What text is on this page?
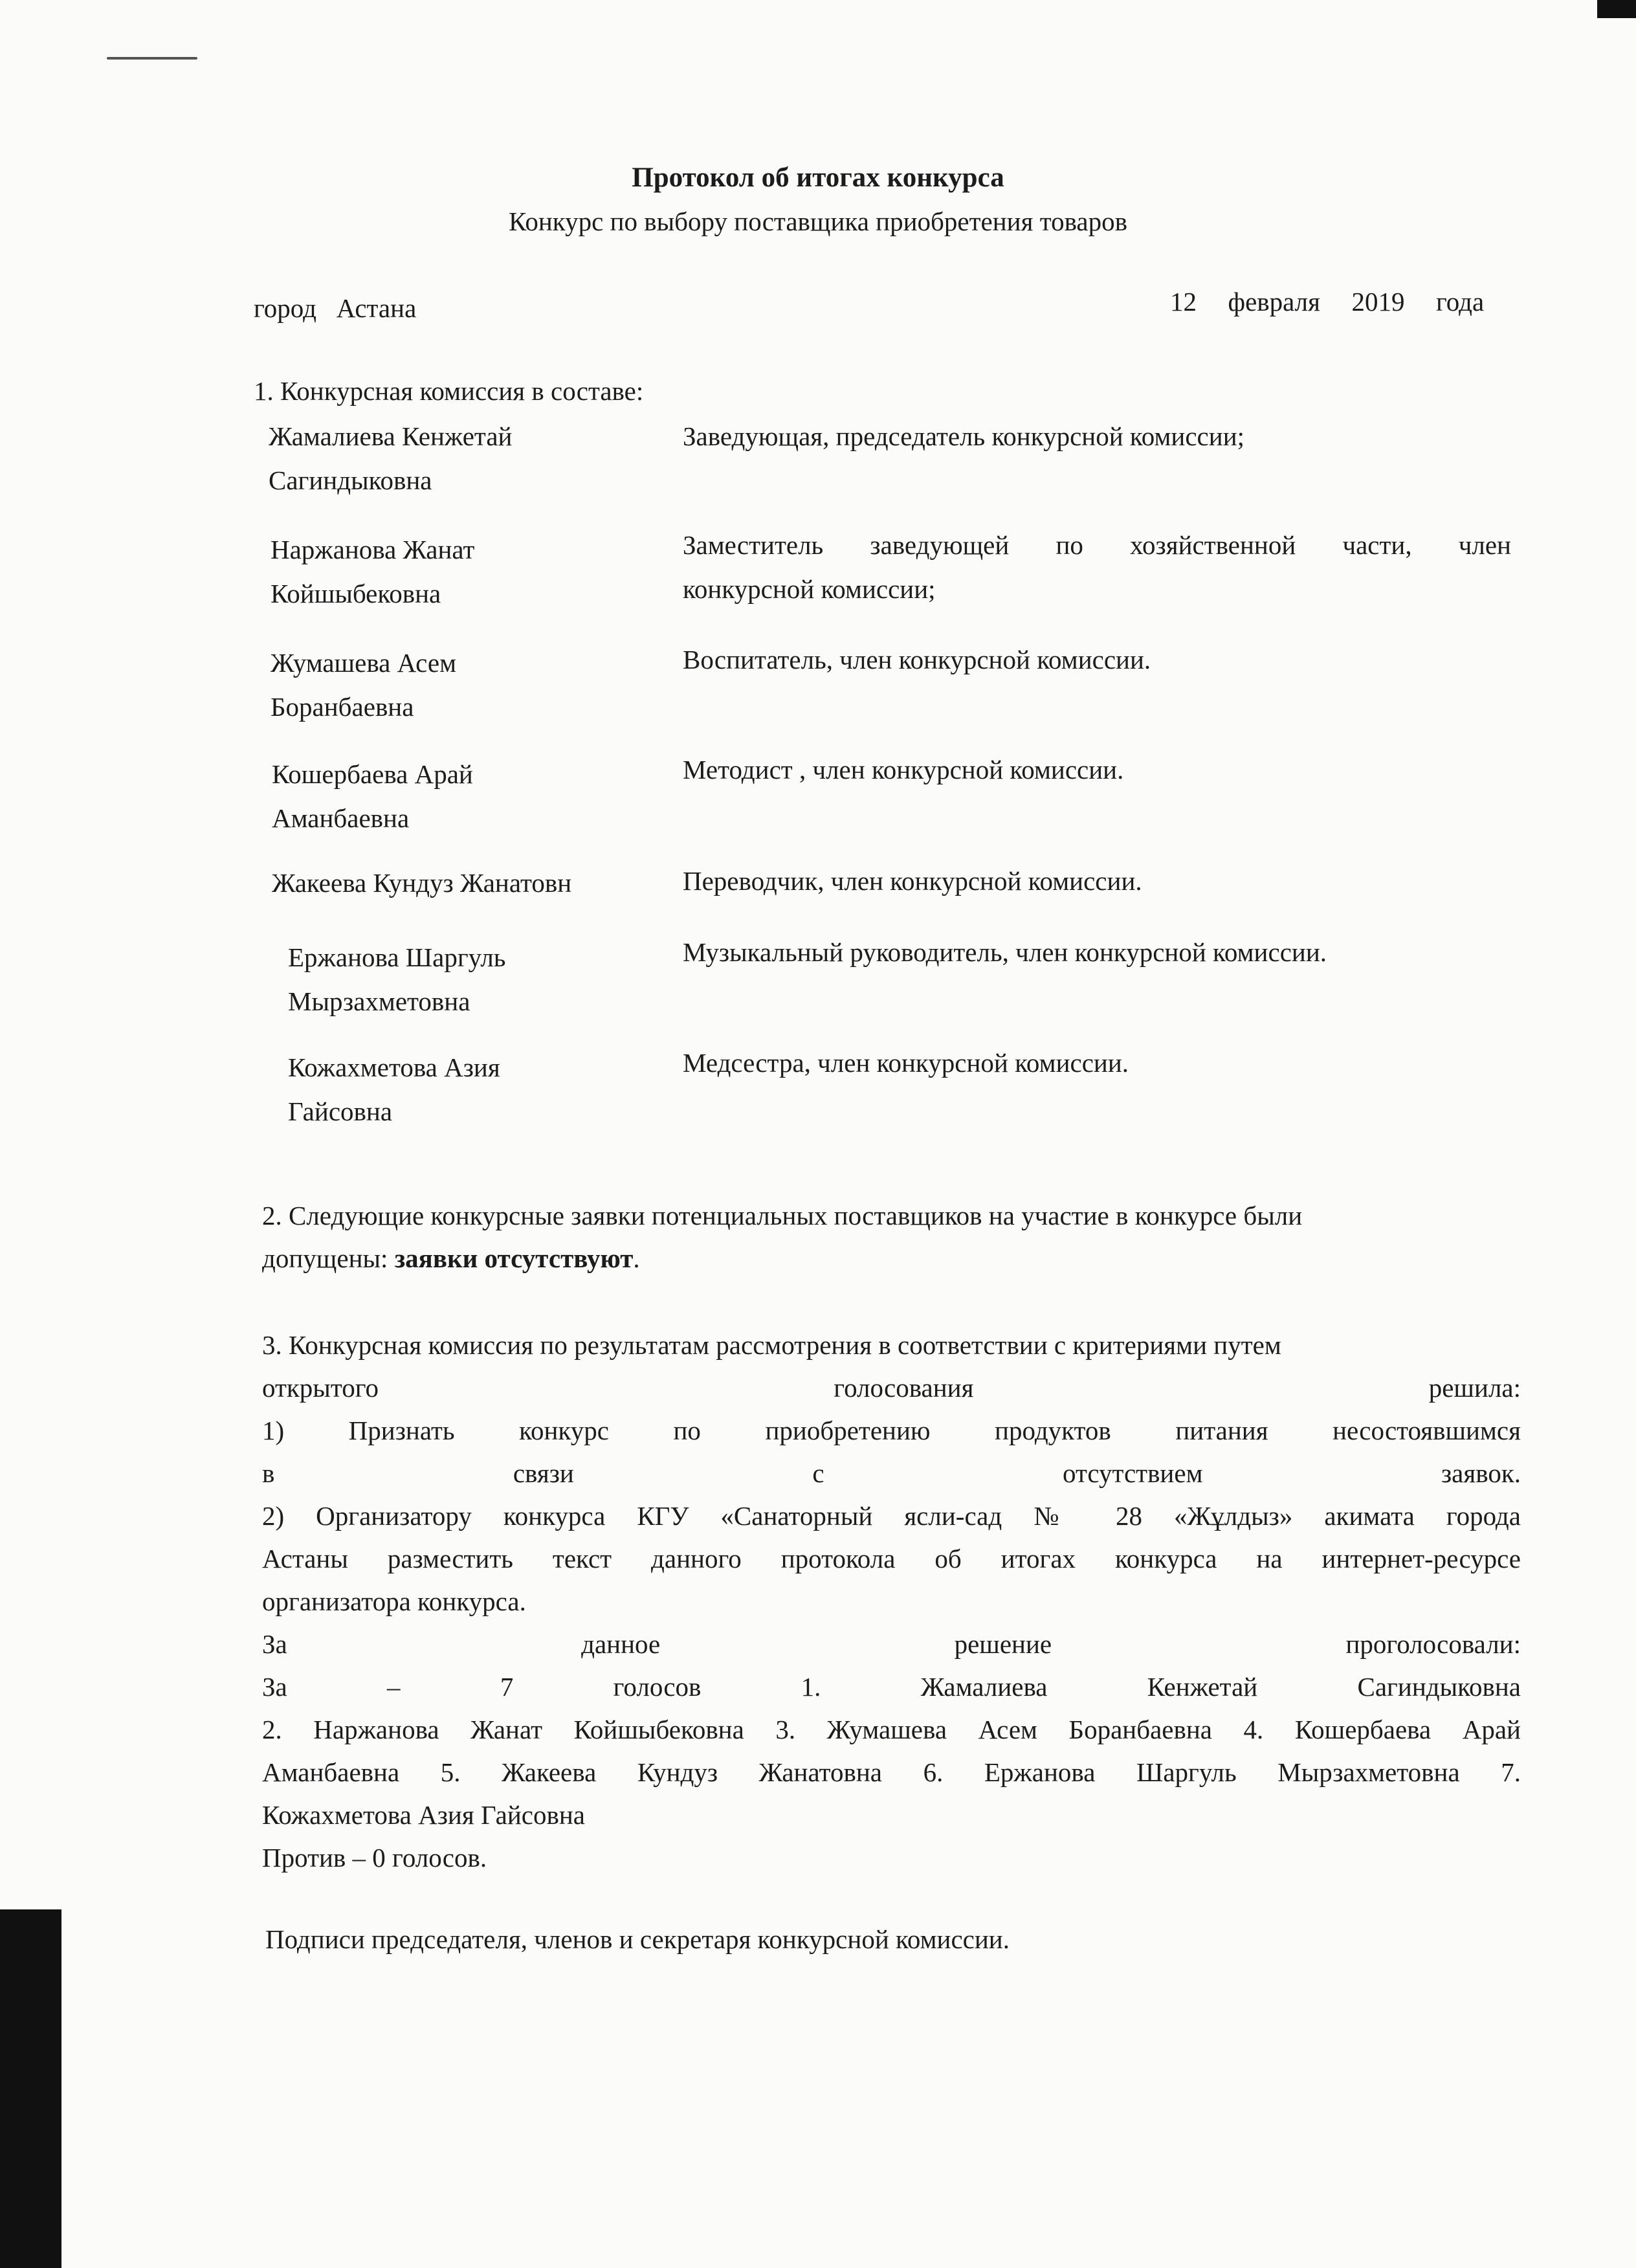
Протокол об итогах конкурса
Конкурс по выбору поставщика приобретения товаров
город   Астана	12  февраля  2019  года
1. Конкурсная комиссия в составе:
Жамалиева Кенжетай
Сагиндыковна
Заведующая, председатель конкурсной комиссии;
Наржанова Жанат
Койшыбековна
Заместитель заведующей по хозяйственной части, член
конкурсной комиссии;
Жумашева Асем
Боранбаевна
Воспитатель, член конкурсной комиссии.
Кошербаева Арай
Аманбаевна
Методист , член конкурсной комиссии.
Жакеева Кундуз Жанатовн	Переводчик, член конкурсной комиссии.
Ержанова Шаргуль
Мырзахметовна
Музыкальный руководитель, член конкурсной комиссии.
Кожахметова Азия
Гайсовна
Медсестра, член конкурсной комиссии.
2. Следующие конкурсные заявки потенциальных поставщиков на участие в конкурсе были
допущены: заявки отсутствуют.
3. Конкурсная комиссия по результатам рассмотрения в соответствии с критериями путем
открытого голосования решила:
1) Признать конкурс по приобретению продуктов питания несостоявшимся
в связи с отсутствием заявок.
2) Организатору конкурса КГУ «Санаторный ясли-сад № 28 «Жұлдыз» акимата города
Астаны разместить текст данного протокола об итогах конкурса на интернет-ресурсе
организатора конкурса.
За данное решение проголосовали:
За – 7 голосов 1. Жамалиева Кенжетай Сагиндыковна
2. Наржанова Жанат Койшыбековна 3. Жумашева Асем Боранбаевна 4. Кошербаева Арай
Аманбаевна 5. Жакеева Кундуз Жанатовна 6. Ержанова Шаргуль Мырзахметовна 7.
Кожахметова Азия Гайсовна
Против – 0 голосов.
Подписи председателя, членов и секретаря конкурсной комиссии.
